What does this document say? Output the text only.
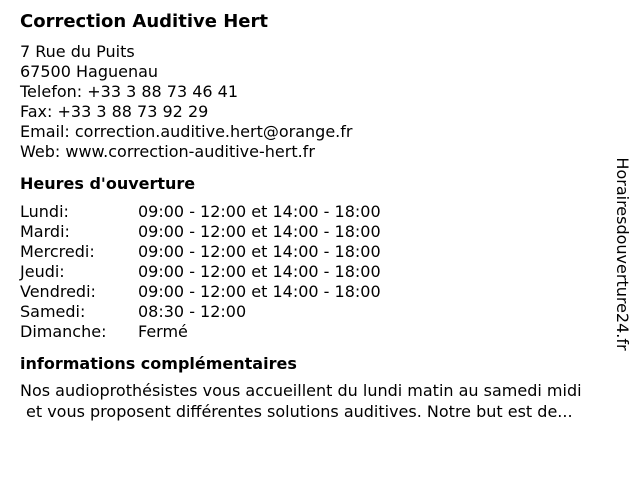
Correction Auditive Hert
7 Rue du Puits
67500 Haguenau
Telefon: +33 3 88 73 46 41
Fax: +33 3 88 73 92 29
Email: correction.auditive.hert@orange.fr
Web: www.correction-auditive-hert.fr
Heures d'ouverture
Lundi:	09:00 - 12:00 et 14:00 - 18:00
Mardi:	09:00 - 12:00 et 14:00 - 18:00
Mercredi:	09:00 - 12:00 et 14:00 - 18:00
Jeudi:	09:00 - 12:00 et 14:00 - 18:00
Vendredi:	09:00 - 12:00 et 14:00 - 18:00
Samedi:	08:30 - 12:00
Dimanche:	Fermé
informations complémentaires
Nos audioprothésistes vous accueillent du lundi matin au samedi midi
et vous proposent différentes solutions auditives. Notre but est de...
Horairesdouverture24.fr
